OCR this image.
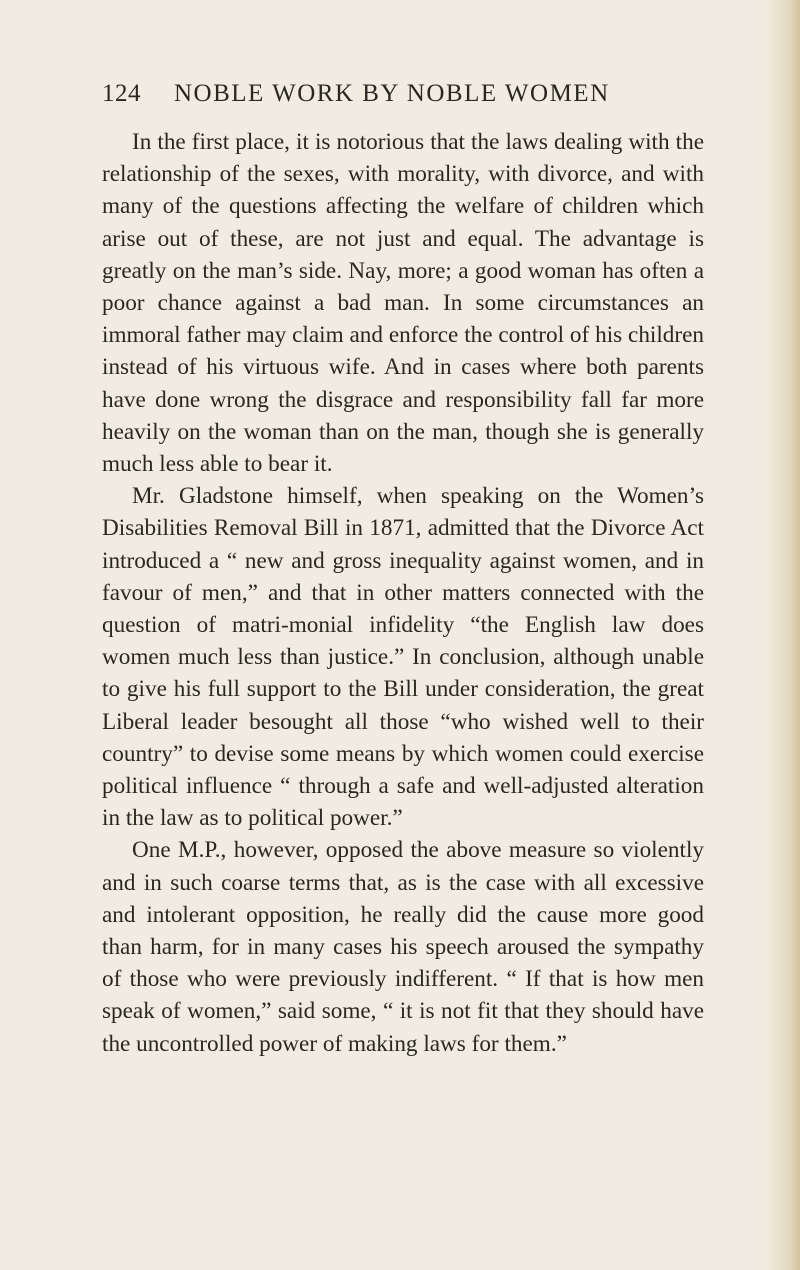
124 NOBLE WORK BY NOBLE WOMEN

In the first place, it is notorious that the laws dealing with the relationship of the sexes, with morality, with divorce, and with many of the questions affecting the welfare of children which arise out of these, are not just and equal. The advantage is greatly on the man’s side. Nay, more; a good woman has often a poor chance against a bad man. In some circumstances an immoral father may claim and enforce the control of his children instead of his virtuous wife. And in cases where both parents have done wrong the disgrace and responsibility fall far more heavily on the woman than on the man, though she is generally much less able to bear it.

Mr. Gladstone himself, when speaking on the Women’s Disabilities Removal Bill in 1871, admitted that the Divorce Act introduced a “ new and gross inequality against women, and in favour of men,” and that in other matters connected with the question of matri-monial infidelity “the English law does women much less than justice.” In conclusion, although unable to give his full support to the Bill under consideration, the great Liberal leader besought all those “who wished well to their country” to devise some means by which women could exercise political influence “ through a safe and well-adjusted alteration in the law as to political power.”

One M.P., however, opposed the above measure so violently and in such coarse terms that, as is the case with all excessive and intolerant opposition, he really did the cause more good than harm, for in many cases his speech aroused the sympathy of those who were previously indifferent. “ If that is how men speak of women,” said some, “ it is not fit that they should have the uncontrolled power of making laws for them.”
